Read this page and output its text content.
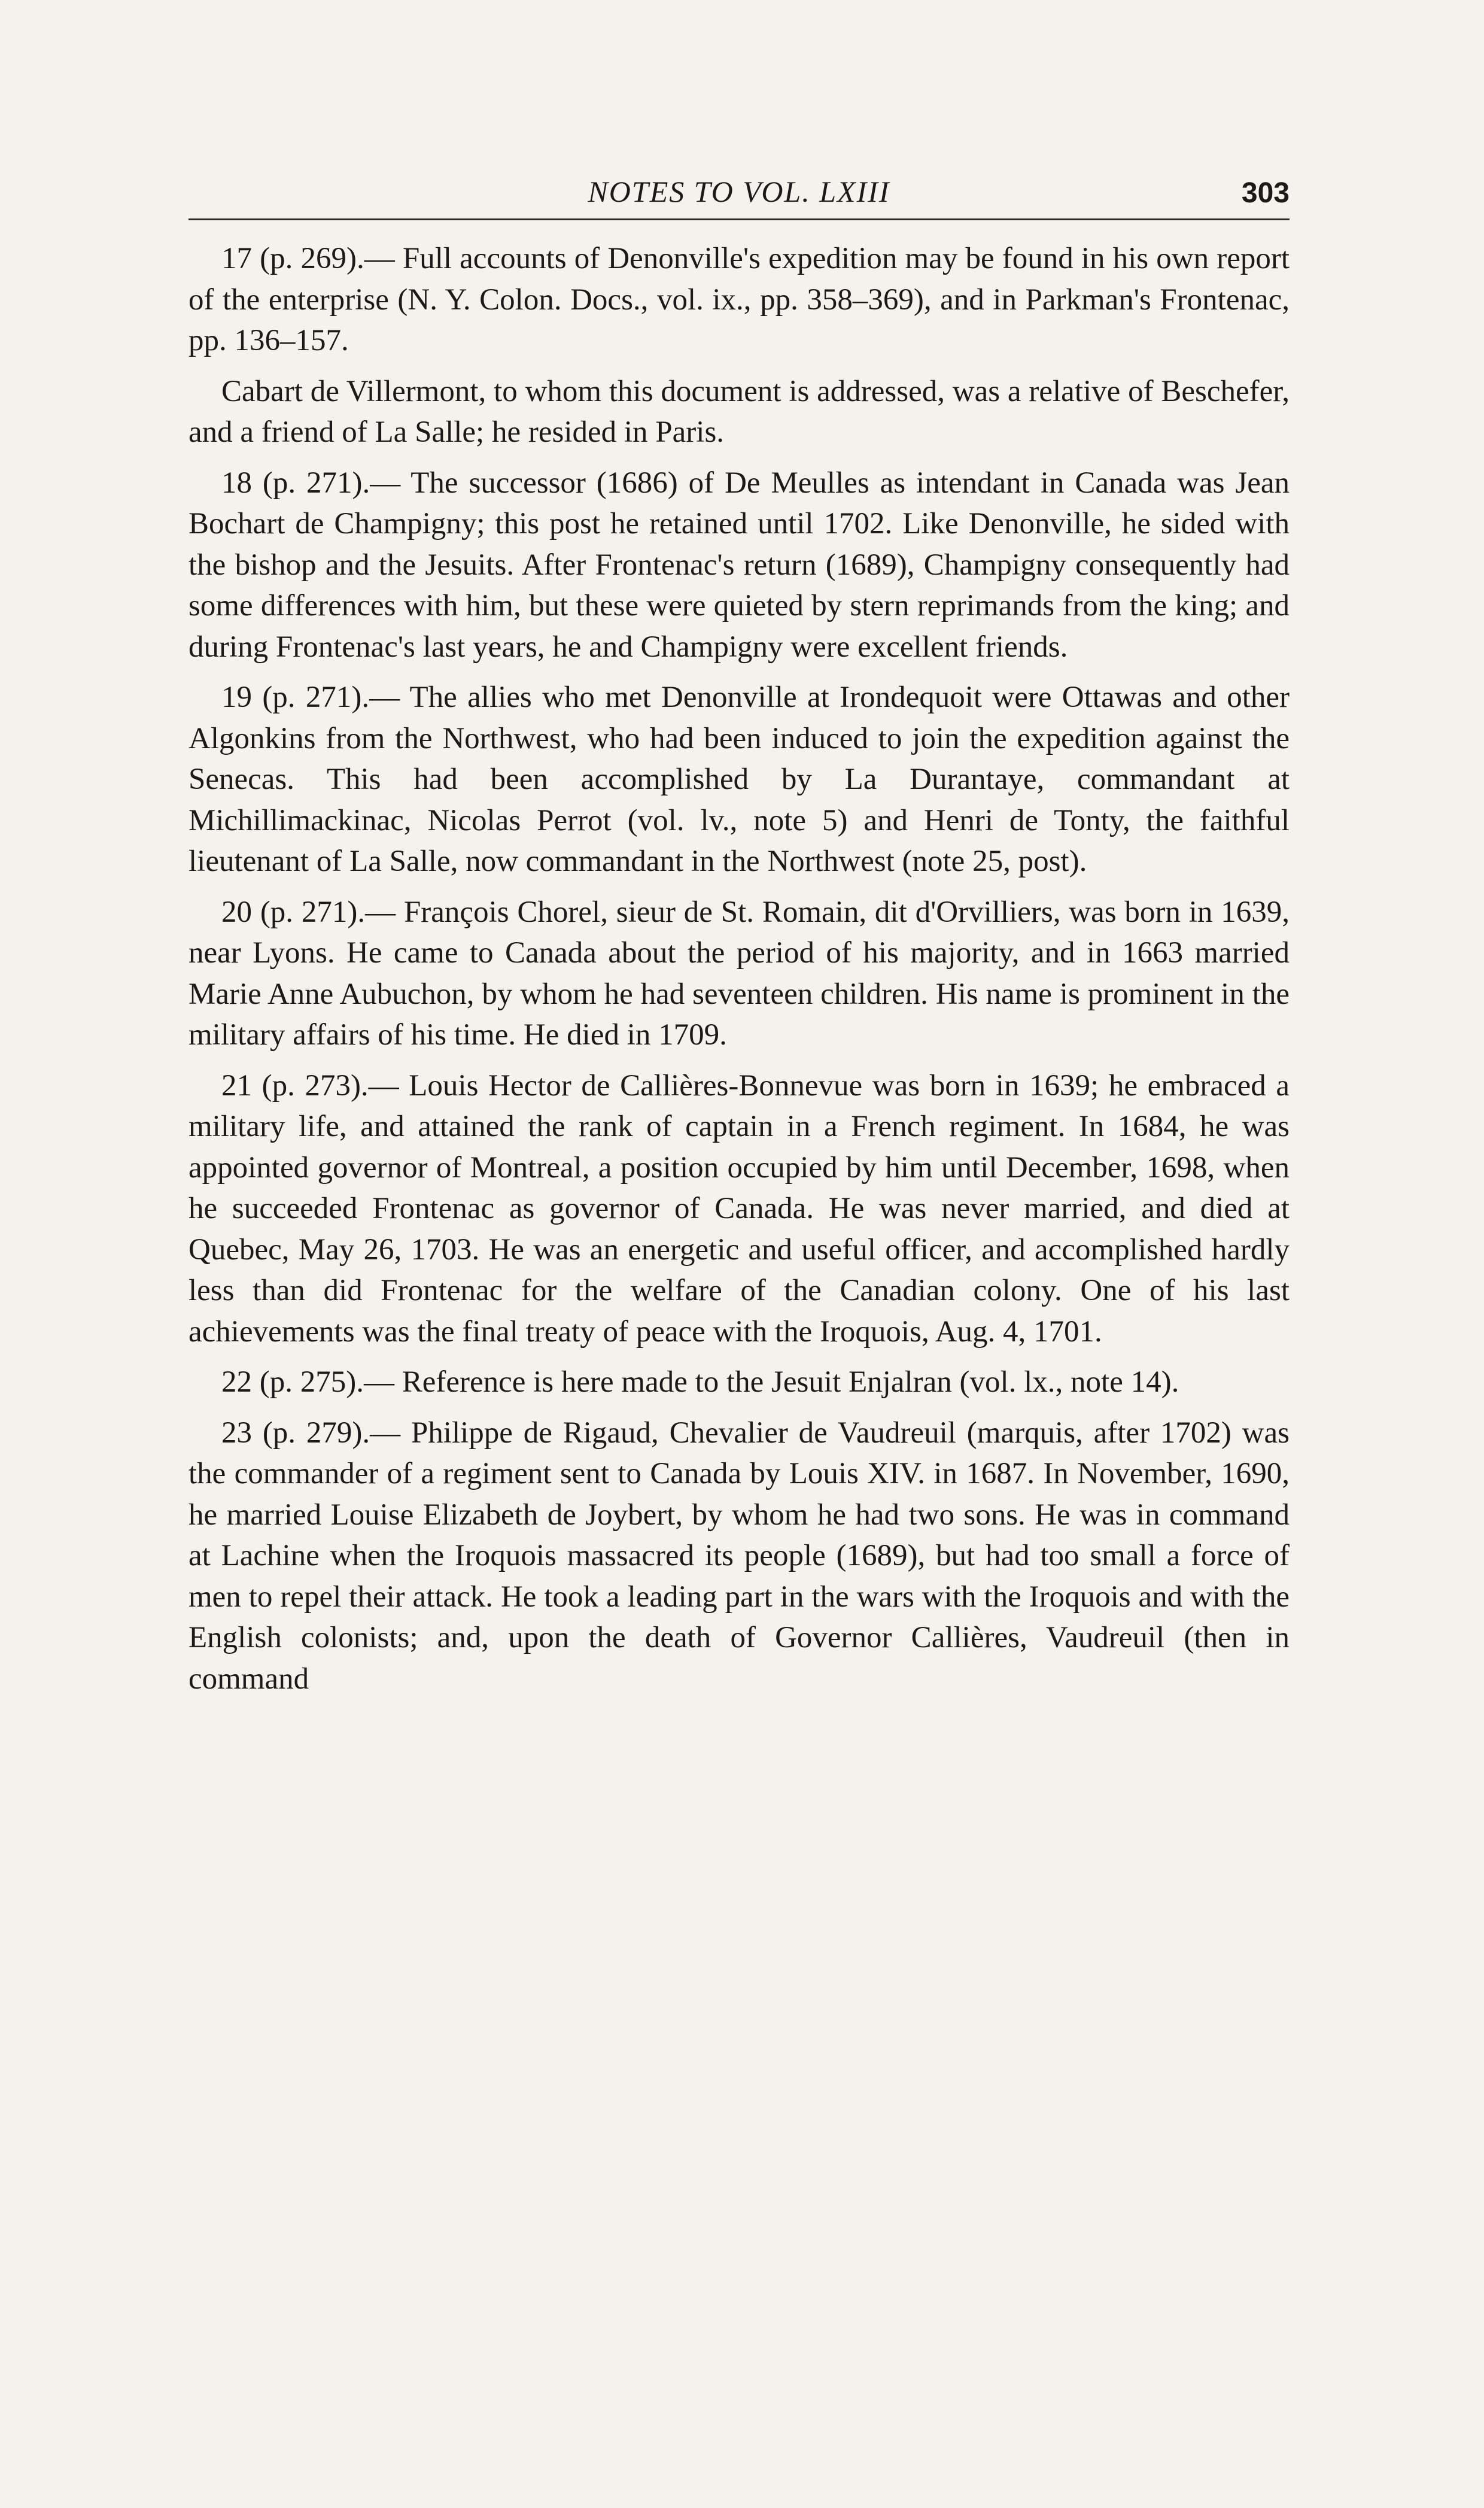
NOTES TO VOL. LXIII	303

17 (p. 269).— Full accounts of Denonville's expedition may be found in his own report of the enterprise (N. Y. Colon. Docs., vol. ix., pp. 358–369), and in Parkman's Frontenac, pp. 136–157.

Cabart de Villermont, to whom this document is addressed, was a relative of Beschefer, and a friend of La Salle; he resided in Paris.

18 (p. 271).— The successor (1686) of De Meulles as intendant in Canada was Jean Bochart de Champigny; this post he retained until 1702. Like Denonville, he sided with the bishop and the Jesuits. After Frontenac's return (1689), Champigny consequently had some differences with him, but these were quieted by stern reprimands from the king; and during Frontenac's last years, he and Champigny were excellent friends.

19 (p. 271).— The allies who met Denonville at Irondequoit were Ottawas and other Algonkins from the Northwest, who had been induced to join the expedition against the Senecas. This had been accomplished by La Durantaye, commandant at Michillimackinac, Nicolas Perrot (vol. lv., note 5) and Henri de Tonty, the faithful lieutenant of La Salle, now commandant in the Northwest (note 25, post).

20 (p. 271).— François Chorel, sieur de St. Romain, dit d'Orvilliers, was born in 1639, near Lyons. He came to Canada about the period of his majority, and in 1663 married Marie Anne Aubuchon, by whom he had seventeen children. His name is prominent in the military affairs of his time. He died in 1709.

21 (p. 273).— Louis Hector de Callières-Bonnevue was born in 1639; he embraced a military life, and attained the rank of captain in a French regiment. In 1684, he was appointed governor of Montreal, a position occupied by him until December, 1698, when he succeeded Frontenac as governor of Canada. He was never married, and died at Quebec, May 26, 1703. He was an energetic and useful officer, and accomplished hardly less than did Frontenac for the welfare of the Canadian colony. One of his last achievements was the final treaty of peace with the Iroquois, Aug. 4, 1701.

22 (p. 275).— Reference is here made to the Jesuit Enjalran (vol. lx., note 14).

23 (p. 279).— Philippe de Rigaud, Chevalier de Vaudreuil (marquis, after 1702) was the commander of a regiment sent to Canada by Louis XIV. in 1687. In November, 1690, he married Louise Elizabeth de Joybert, by whom he had two sons. He was in command at Lachine when the Iroquois massacred its people (1689), but had too small a force of men to repel their attack. He took a leading part in the wars with the Iroquois and with the English colonists; and, upon the death of Governor Callières, Vaudreuil (then in command
